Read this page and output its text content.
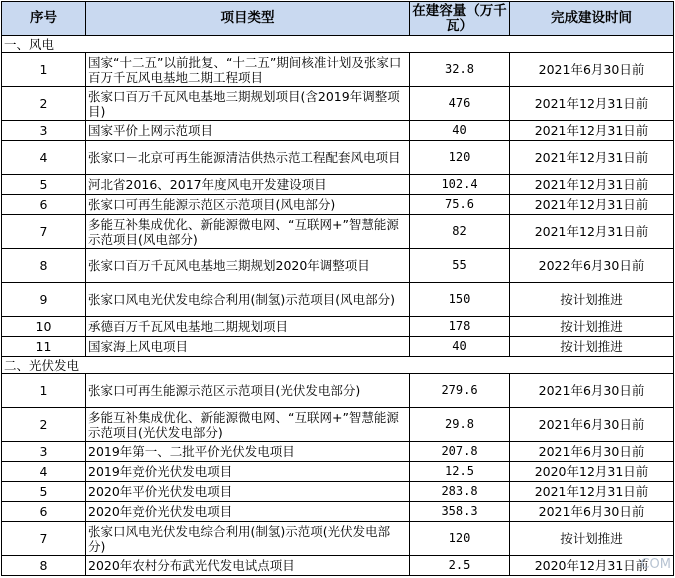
序号	项目类型	在建容量（万千瓦）	完成建设时间
一、风电			
1	国家“十二五”以前批复、“十二五”期间核准计划及张家口百万千瓦风电基地二期工程项目	32.8	2021年6月30日前
2	张家口百万千瓦风电基地三期规划项目(含2019年调整项目)	476	2021年12月31日前
3	国家平价上网示范项目	40	2021年12月31日前
4	张家口－北京可再生能源清洁供热示范工程配套风电项目	120	2021年12月31日前
5	河北省2016、2017年度风电开发建设项目	102.4	2021年12月31日前
6	张家口可再生能源示范区示范项目(风电部分)	75.6	2021年12月31日前
7	多能互补集成优化、新能源微电网、“互联网+”智慧能源示范项目(风电部分)	82	2021年12月31日前
8	张家口百万千瓦风电基地三期规划2020年调整项目	55	2022年6月30日前
9	张家口风电光伏发电综合利用(制氢)示范项目(风电部分)	150	按计划推进
10	承德百万千瓦风电基地二期规划项目	178	按计划推进
11	国家海上风电项目	40	按计划推进
二、光伏发电			
1	张家口可再生能源示范区示范项目(光伏发电部分)	279.6	2021年6月30日前
2	多能互补集成优化、新能源微电网、“互联网+”智慧能源示范项目(光伏发电部分)	29.8	2021年6月30日前
3	2019年第一、二批平价光伏发电项目	207.8	2021年6月30日前
4	2019年竞价光伏发电项目	12.5	2020年12月31日前
5	2020年平价光伏发电项目	283.8	2021年12月31日前
6	2020年竞价光伏发电项目	358.3	2021年6月30日前
7	张家口风电光伏发电综合利用(制氢)示范项(光伏发电部分)	120	按计划推进
8	2020年农村分布武光代发电试点项目	2.5	2020年12月31日前
COM
